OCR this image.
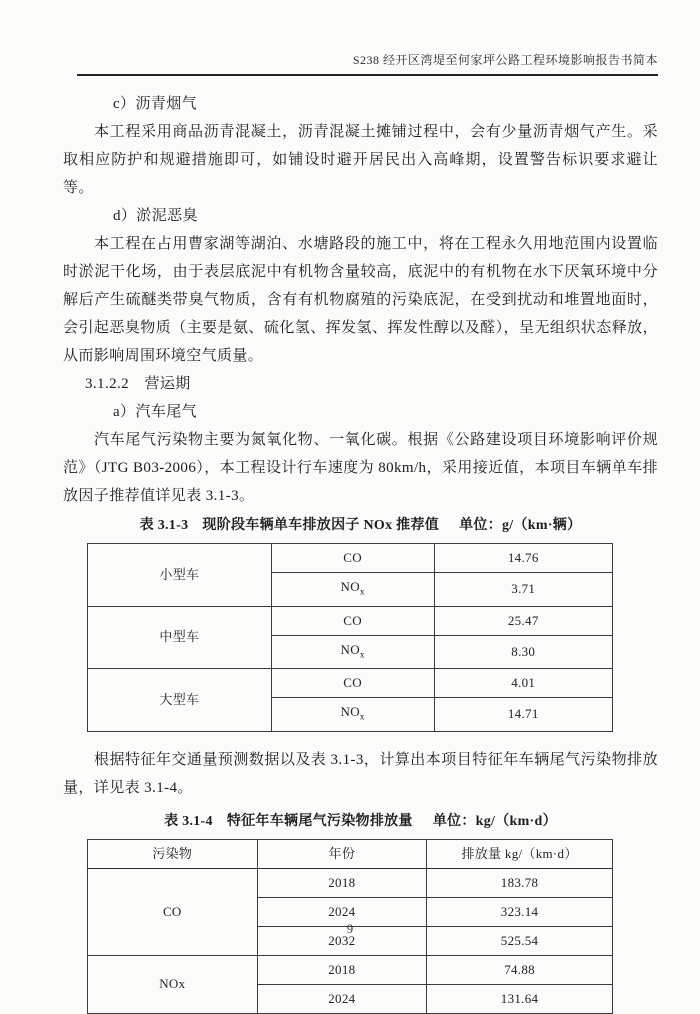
S238 经开区湾堤至何家坪公路工程环境影响报告书简本

c）沥青烟气

本工程采用商品沥青混凝土，沥青混凝土摊铺过程中，会有少量沥青烟气产生。采取相应防护和规避措施即可，如铺设时避开居民出入高峰期，设置警告标识要求避让等。

d）淤泥恶臭

本工程在占用曹家湖等湖泊、水塘路段的施工中，将在工程永久用地范围内设置临时淤泥干化场，由于表层底泥中有机物含量较高，底泥中的有机物在水下厌氧环境中分解后产生硫醚类带臭气物质，含有有机物腐殖的污染底泥，在受到扰动和堆置地面时，会引起恶臭物质（主要是氨、硫化氢、挥发氢、挥发性醇以及醛），呈无组织状态释放，从而影响周围环境空气质量。

3.1.2.2　营运期

a）汽车尾气

汽车尾气污染物主要为氮氧化物、一氧化碳。根据《公路建设项目环境影响评价规范》（JTG B03-2006），本工程设计行车速度为 80km/h，采用接近值，本项目车辆单车排放因子推荐值详见表 3.1-3。

表 3.1-3 现阶段车辆单车排放因子 NOx 推荐值 单位：g/（km·辆）
小型车	CO	14.76
	$NO_x$	3.71
中型车	CO	25.47
	$NO_x$	8.30
大型车	CO	4.01
	$NO_x$	14.71

根据特征年交通量预测数据以及表 3.1-3，计算出本项目特征年车辆尾气污染物排放量，详见表 3.1-4。

表 3.1-4 特征年车辆尾气污染物排放量 单位：kg/（km·d）
污染物	年份	排放量 kg/（km·d）
CO	2018	183.78
	2024	323.14
	2032	525.54
NOx	2018	74.88
	2024	131.64
9
